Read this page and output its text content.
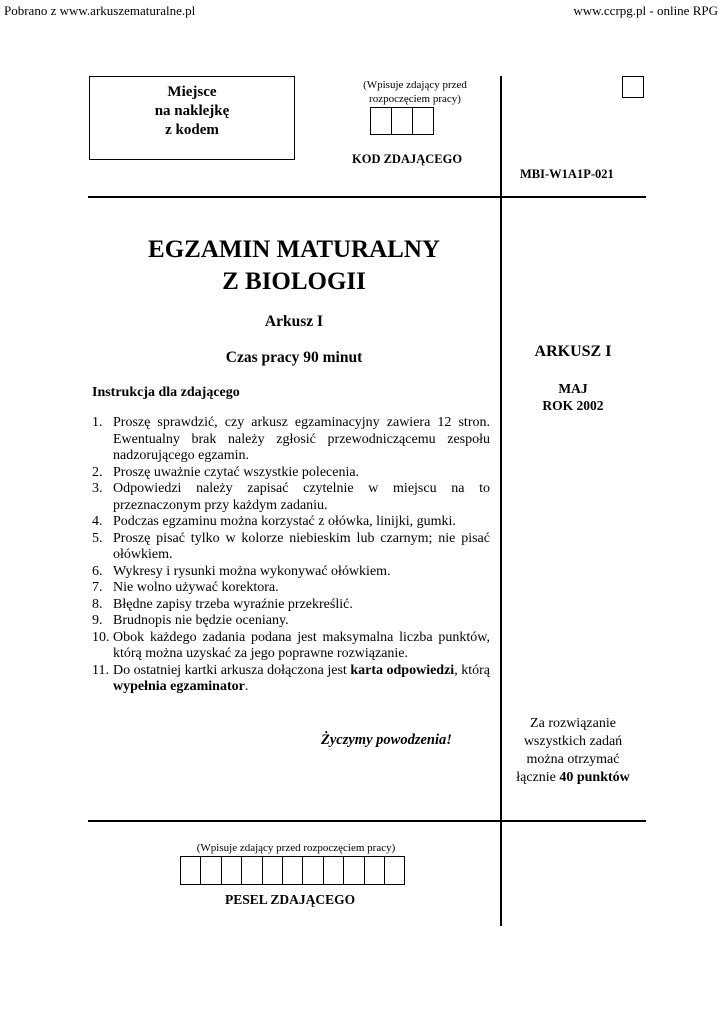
Pobrano z www.arkuszematuralne.pl	www.ccrpg.pl - online RPG
Miejsce
na naklejkę
z kodem
(Wpisuje zdający przed
rozpoczęciem pracy)
KOD ZDAJĄCEGO
MBI-W1A1P-021
EGZAMIN MATURALNY
Z BIOLOGII
Arkusz I
Czas pracy 90 minut
Instrukcja dla zdającego
1. Proszę sprawdzić, czy arkusz egzaminacyjny zawiera 12 stron. Ewentualny brak należy zgłosić przewodniczącemu zespołu nadzorującego egzamin.
2. Proszę uważnie czytać wszystkie polecenia.
3. Odpowiedzi należy zapisać czytelnie w miejscu na to przeznaczonym przy każdym zadaniu.
4. Podczas egzaminu można korzystać z ołówka, linijki, gumki.
5. Proszę pisać tylko w kolorze niebieskim lub czarnym; nie pisać ołówkiem.
6. Wykresy i rysunki można wykonywać ołówkiem.
7. Nie wolno używać korektora.
8. Błędne zapisy trzeba wyraźnie przekreślić.
9. Brudnopis nie będzie oceniany.
10. Obok każdego zadania podana jest maksymalna liczba punktów, którą można uzyskać za jego poprawne rozwiązanie.
11. Do ostatniej kartki arkusza dołączona jest karta odpowiedzi, którą wypełnia egzaminator.
Życzymy powodzenia!
ARKUSZ I
MAJ
ROK 2002
Za rozwiązanie
wszystkich zadań
można otrzymać
łącznie 40 punktów
(Wpisuje zdający przed rozpoczęciem pracy)
PESEL ZDAJĄCEGO
